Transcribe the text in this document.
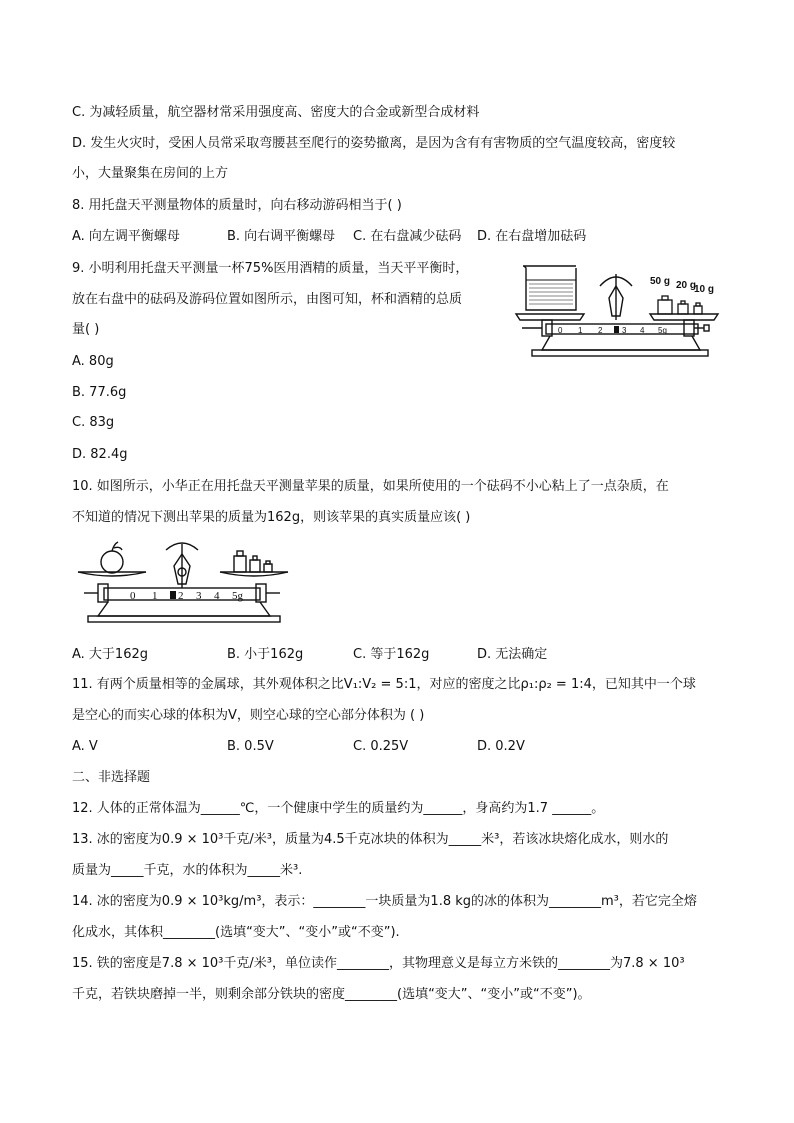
C. 为减轻质量，航空器材常采用强度高、密度大的合金或新型合成材料
D. 发生火灾时，受困人员常采取弯腰甚至爬行的姿势撤离，是因为含有有害物质的空气温度较高，密度较
小，大量聚集在房间的上方
8. 用托盘天平测量物体的质量时，向右移动游码相当于( )
A. 向左调平衡螺母	B. 向右调平衡螺母 C. 在右盘减少砝码 D. 在右盘增加砝码
9. 小明利用托盘天平测量一杯75%医用酒精的质量，当天平平衡时，
放在右盘中的砝码及游码位置如图所示，由图可知，杯和酒精的总质
量( )
A. 80g
B. 77.6g
C. 83g
D. 82.4g
50 g 20 g
10 g
0 1 2 3 4 5g
10. 如图所示，小华正在用托盘天平测量苹果的质量，如果所使用的一个砝码不小心粘上了一点杂质，在
不知道的情况下测出苹果的质量为162g，则该苹果的真实质量应该( )
0 1 2 3 4 5g
A. 大于162g	B. 小于162g	C. 等于162g	D. 无法确定
11. 有两个质量相等的金属球，其外观体积之比V₁:V₂ = 5:1，对应的密度之比ρ₁:ρ₂ = 1:4，已知其中一个球
是空心的而实心球的体积为V，则空心球的空心部分体积为 ( )
A. V	B. 0.5V	C. 0.25V	D. 0.2V
二、非选择题
12. 人体的正常体温为______℃，一个健康中学生的质量约为______，身高约为1.7 ______。
13. 冰的密度为0.9 × 10³千克/米³，质量为4.5千克冰块的体积为_____米³，若该冰块熔化成水，则水的
质量为_____千克，水的体积为_____米³.
14. 冰的密度为0.9 × 10³kg/m³，表示：________一块质量为1.8 kg的冰的体积为________m³，若它完全熔
化成水，其体积________(选填“变大”、“变小”或“不变”).
15. 铁的密度是7.8 × 10³千克/米³，单位读作________，其物理意义是每立方米铁的________为7.8 × 10³
千克，若铁块磨掉一半，则剩余部分铁块的密度________(选填“变大”、“变小”或“不变”)。
